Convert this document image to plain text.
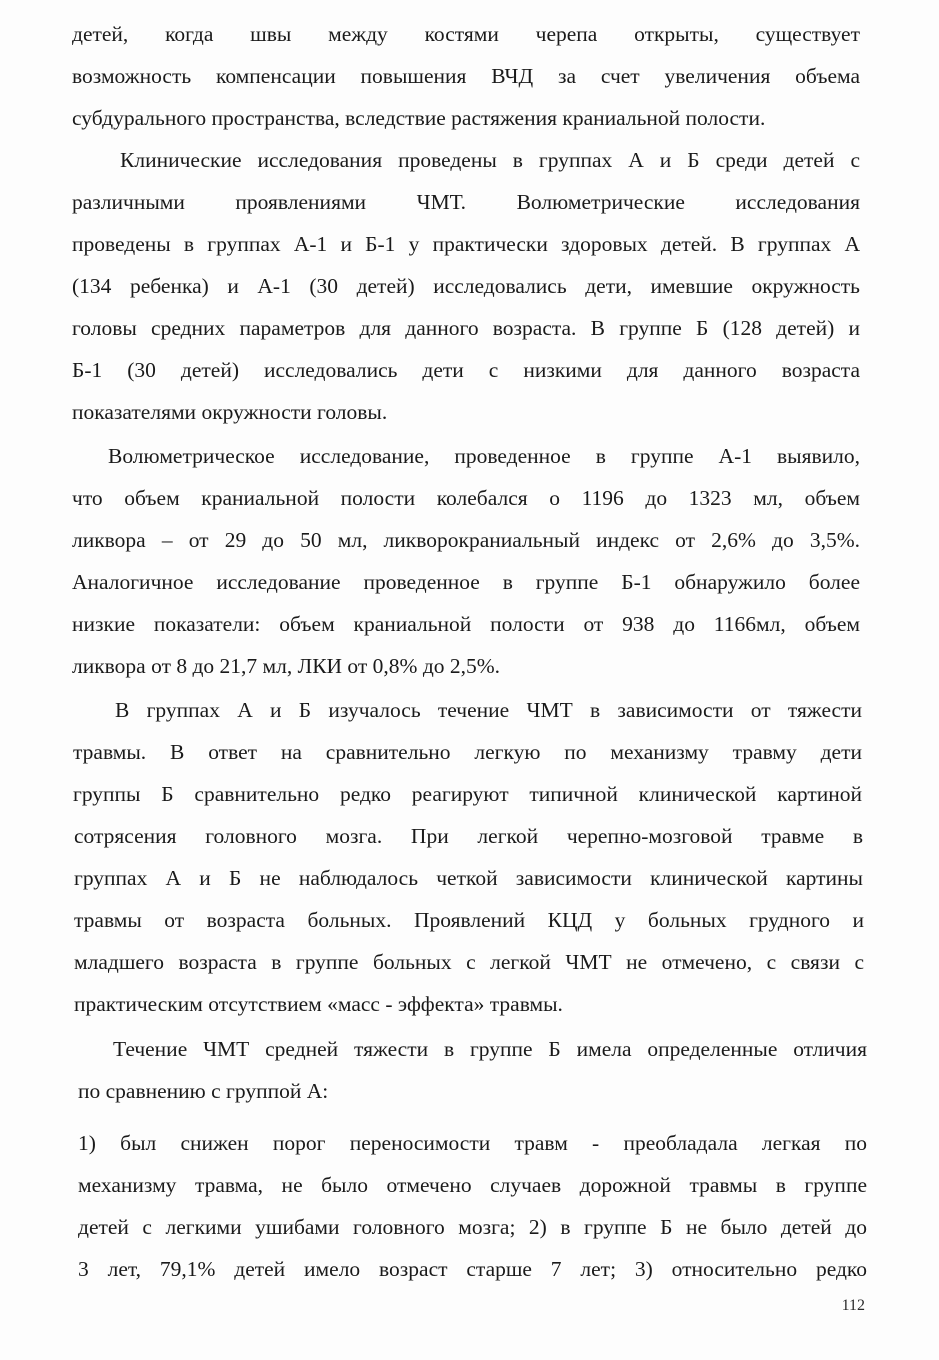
детей, когда швы между костями черепа открыты, существует
возможность компенсации повышения ВЧД за счет увеличения объема
субдурального пространства, вследствие растяжения краниальной полости.
Клинические исследования проведены в группах А и Б среди детей с
различными проявлениями ЧМТ. Волюметрические исследования
проведены в группах А-1 и Б-1 у практически здоровых детей. В группах А
(134 ребенка) и А-1 (30 детей) исследовались дети, имевшие окружность
головы средних параметров для данного возраста. В группе Б (128 детей) и
Б-1 (30 детей) исследовались дети с низкими для данного возраста
показателями окружности головы.
Волюметрическое исследование, проведенное в группе А-1 выявило,
что объем краниальной полости колебался о 1196 до 1323 мл, объем
ликвора – от 29 до 50 мл, ликворокраниальный индекс от 2,6% до 3,5%.
Аналогичное исследование проведенное в группе Б-1 обнаружило более
низкие показатели: объем краниальной полости от 938 до 1166мл, объем
ликвора от 8 до 21,7 мл, ЛКИ от 0,8% до 2,5%.
В группах А и Б изучалось течение ЧМТ в зависимости от тяжести
травмы. В ответ на сравнительно легкую по механизму травму дети
группы Б сравнительно редко реагируют типичной клинической картиной
сотрясения головного мозга. При легкой черепно-мозговой травме в
группах А и Б не наблюдалось четкой зависимости клинической картины
травмы от возраста больных. Проявлений КЦД у больных грудного и
младшего возраста в группе больных с легкой ЧМТ не отмечено, с связи с
практическим отсутствием «масс - эффекта» травмы.
Течение ЧМТ средней тяжести в группе Б имела определенные отличия
по сравнению с группой А:
1) был снижен порог переносимости травм - преобладала легкая по
механизму травма, не было отмечено случаев дорожной травмы в группе
детей с легкими ушибами головного мозга; 2) в группе Б не было детей до
3 лет, 79,1% детей имело возраст старше 7 лет; 3) относительно редко
112
